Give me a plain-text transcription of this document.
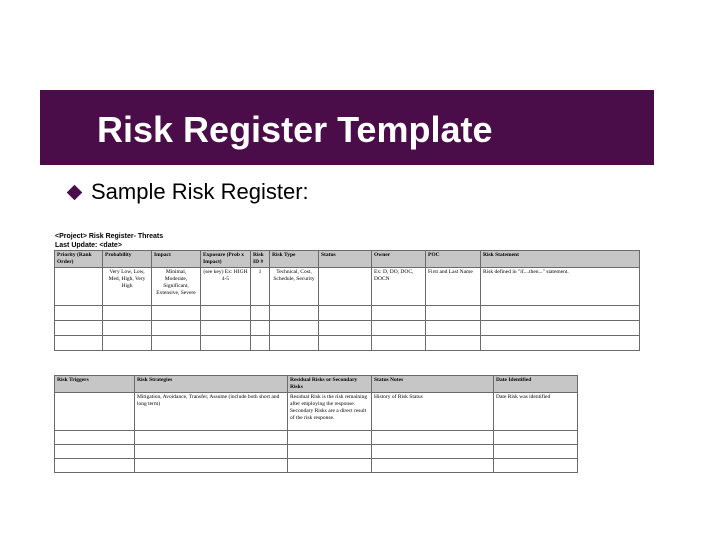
Risk Register Template
Sample Risk Register:
<Project> Risk Register- Threats
Last Update: <date>
Priority (Rank Order)	Probability	Impact	Exposure (Prob x Impact)	Risk ID #	Risk Type	Status	Owner	POC	Risk Statement
	Very Low, Low, Med, High, Very High	Minimal, Moderate, Significant, Extensive, Severe	(see key) Ex: HIGH 4-5	1	Technical, Cost, Schedule, Security		Ex: D, DO, DOC, DOCN	First and Last Name	Risk defined in "if....then..." statement.

Risk Triggers	Risk Strategies	Residual Risks or Secondary Risks	Status Notes	Date Identified
	Mitigation, Avoidance, Transfer, Assume (include both short and long term)	Residual Risk is the risk remaining after employing the response. Secondary Risks are a direct result of the risk response.	History of Risk Status	Date Risk was identified
